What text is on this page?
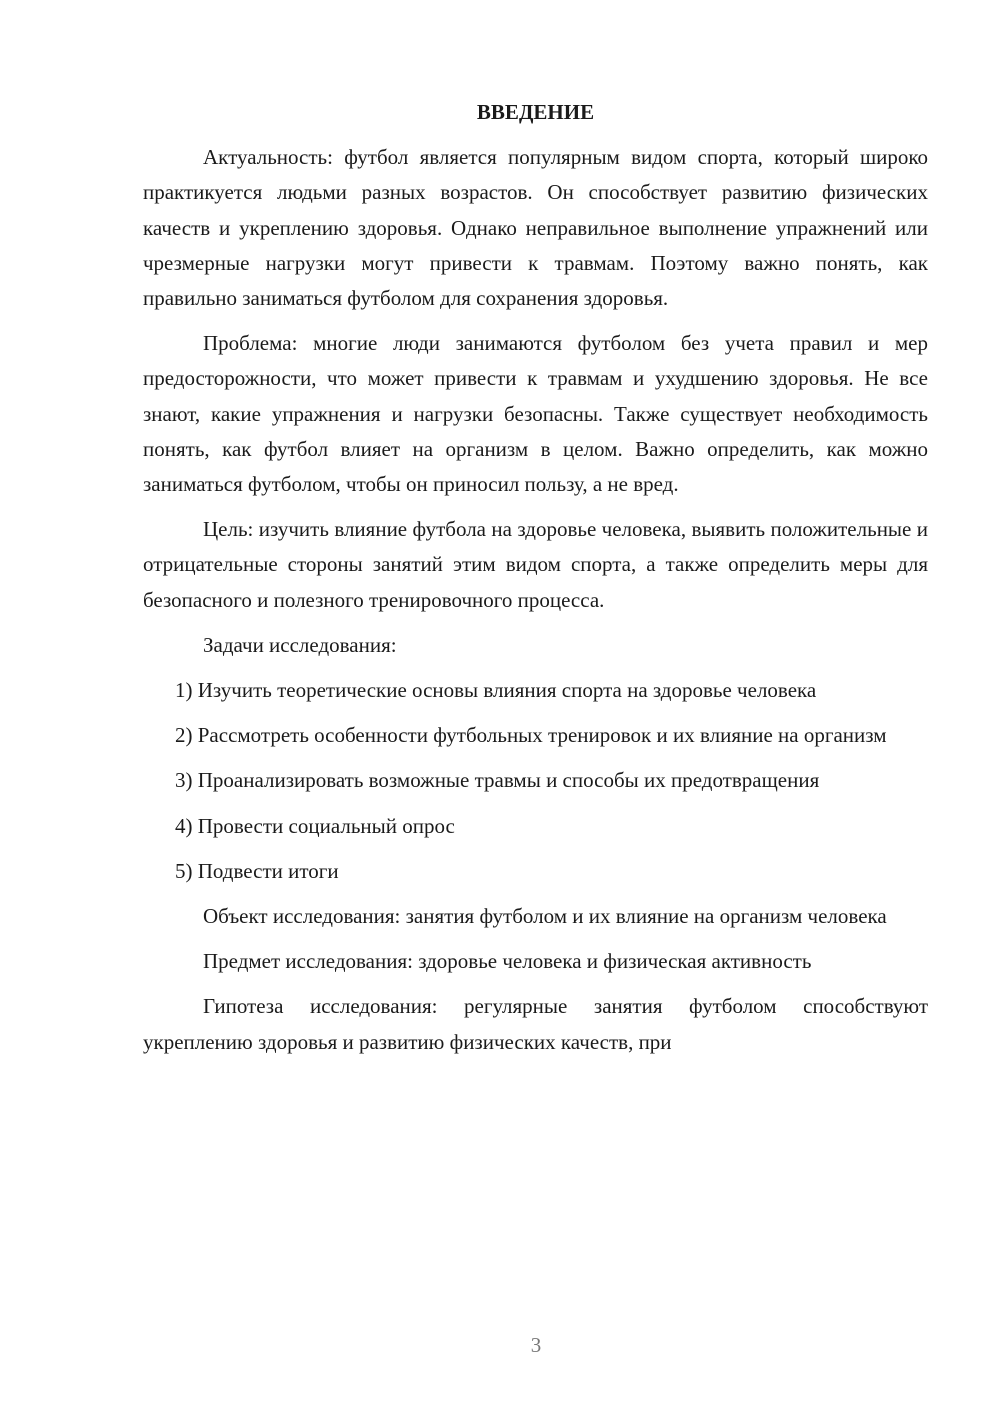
ВВЕДЕНИЕ

Актуальность: футбол является популярным видом спорта, который широко практикуется людьми разных возрастов. Он способствует развитию физических качеств и укреплению здоровья. Однако неправильное выполнение упражнений или чрезмерные нагрузки могут привести к травмам. Поэтому важно понять, как правильно заниматься футболом для сохранения здоровья.

Проблема: многие люди занимаются футболом без учета правил и мер предосторожности, что может привести к травмам и ухудшению здоровья. Не все знают, какие упражнения и нагрузки безопасны. Также существует необходимость понять, как футбол влияет на организм в целом. Важно определить, как можно заниматься футболом, чтобы он приносил пользу, а не вред.

Цель: изучить влияние футбола на здоровье человека, выявить положительные и отрицательные стороны занятий этим видом спорта, а также определить меры для безопасного и полезного тренировочного процесса.

Задачи исследования:

1) Изучить теоретические основы влияния спорта на здоровье человека

2) Рассмотреть особенности футбольных тренировок и их влияние на организм

3) Проанализировать возможные травмы и способы их предотвращения

4) Провести социальный опрос

5) Подвести итоги

Объект исследования: занятия футболом и их влияние на организм человека

Предмет исследования: здоровье человека и физическая активность

Гипотеза исследования: регулярные занятия футболом способствуют укреплению здоровья и развитию физических качеств, при

3
